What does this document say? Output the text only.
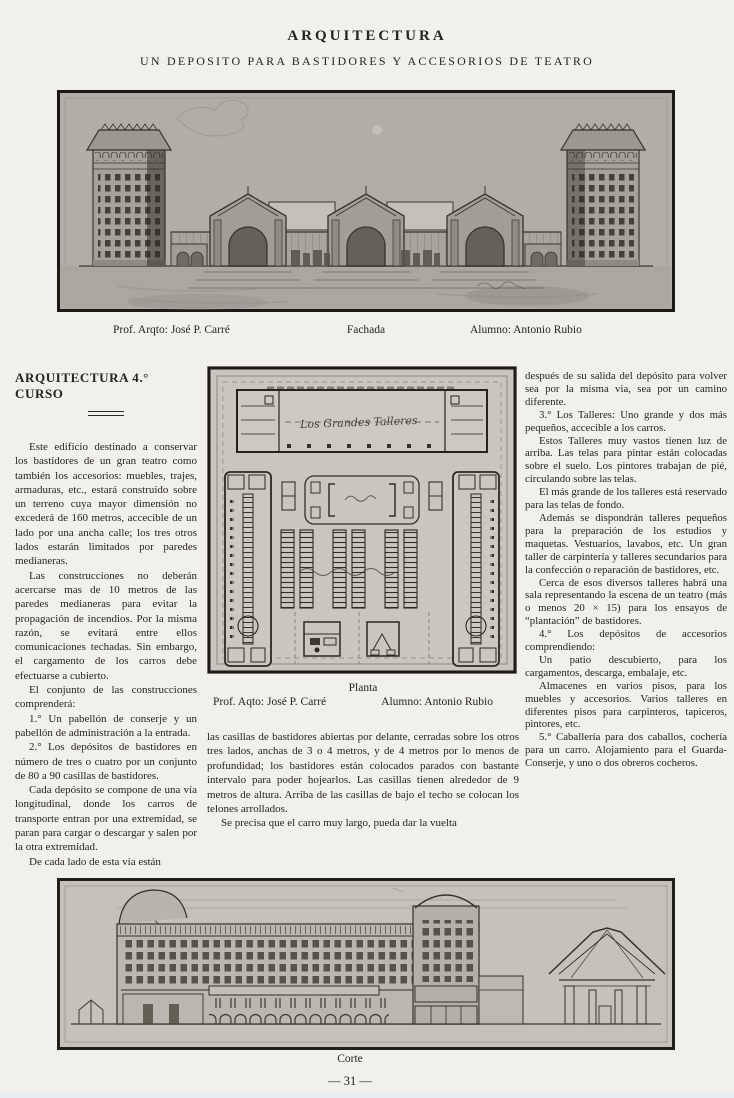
ARQUITECTURA
UN DEPOSITO PARA BASTIDORES Y ACCESORIOS DE TEATRO
Fachada
Prof. Arqto: José P. Carré	Alumno: Antonio Rubio
ARQUITECTURA 4.° CURSO

Este edificio destinado a conservar los bastidores de un gran teatro como también los accesorios: muebles, trajes, armaduras, etc., estará construido sobre un terreno cuya mayor dimensión no excederá de 160 metros, accecible de un lado por una ancha calle; los tres otros lados estarán limitados por paredes medianeras.

Las construcciones no deberán acercarse mas de 10 metros de las paredes medianeras para evitar la propagación de incendios. Por la misma razón, se evitará entre ellos comunicaciones techadas. Sin embargo, el cargamento de los carros debe efectuarse a cubierto.

El conjunto de las construcciones comprenderá:

1.° Un pabellón de conserje y un pabellón de administración a la entrada.

2.° Los depósitos de bastidores en número de tres o cuatro por un conjunto de 80 a 90 casillas de bastidores.

Cada depósito se compone de una vía longitudinal, donde los carros de transporte entran por una extremidad, se paran para cargar o descargar y salen por la otra extremidad.

De cada lado de esta vía están

Los Grandes Talleres
Planta
Prof. Aqto: José P. Carré	Alumno: Antonio Rubio

las casillas de bastidores abiertas por delante, cerradas sobre los otros tres lados, anchas de 3 o 4 metros, y de 4 metros por lo menos de profundidad; los bastidores están colocados parados con bastante intervalo para poder hojearlos. Las casillas tienen alrededor de 9 metros de altura. Arriba de las casillas de bajo el techo se colocan los telones arrollados.

Se precisa que el carro muy largo, pueda dar la vuelta

después de su salida del depósito para volver sea por la misma via, sea por un camino diferente.

3.° Los Talleres: Uno grande y dos más pequeños, accecible a los carros.

Estos Talleres muy vastos tienen luz de arriba. Las telas para pintar están colocadas sobre el suelo. Los pintores trabajan de pié, circulando sobre las telas.

El más grande de los talleres está reservado para las telas de fondo.

Además se dispondrán talleres pequeños para la preparación de los estudios y maquetas. Vestuarios, lavabos, etc. Un gran taller de carpintería y talleres secundarios para la confección o reparación de bastidores, etc.

Cerca de esos diversos talleres habrá una sala representando la escena de un teatro (más o menos 20 × 15) para los ensayos de “plantación” de bastidores.

4.° Los depósitos de accesorios comprendiendo:

Un patio descubierto, para los cargamentos, descarga, embalaje, etc.

Almacenes en varios pisos, para los muebles y accesorios. Varios talleres en diferentes pisos para carpinteros, tapiceros, pintores, etc.

5.° Caballería para dos caballos, cochería para un carro. Alojamiento para el Guarda-Conserje, y uno o dos obreros cocheros.

Corte
— 31 —
